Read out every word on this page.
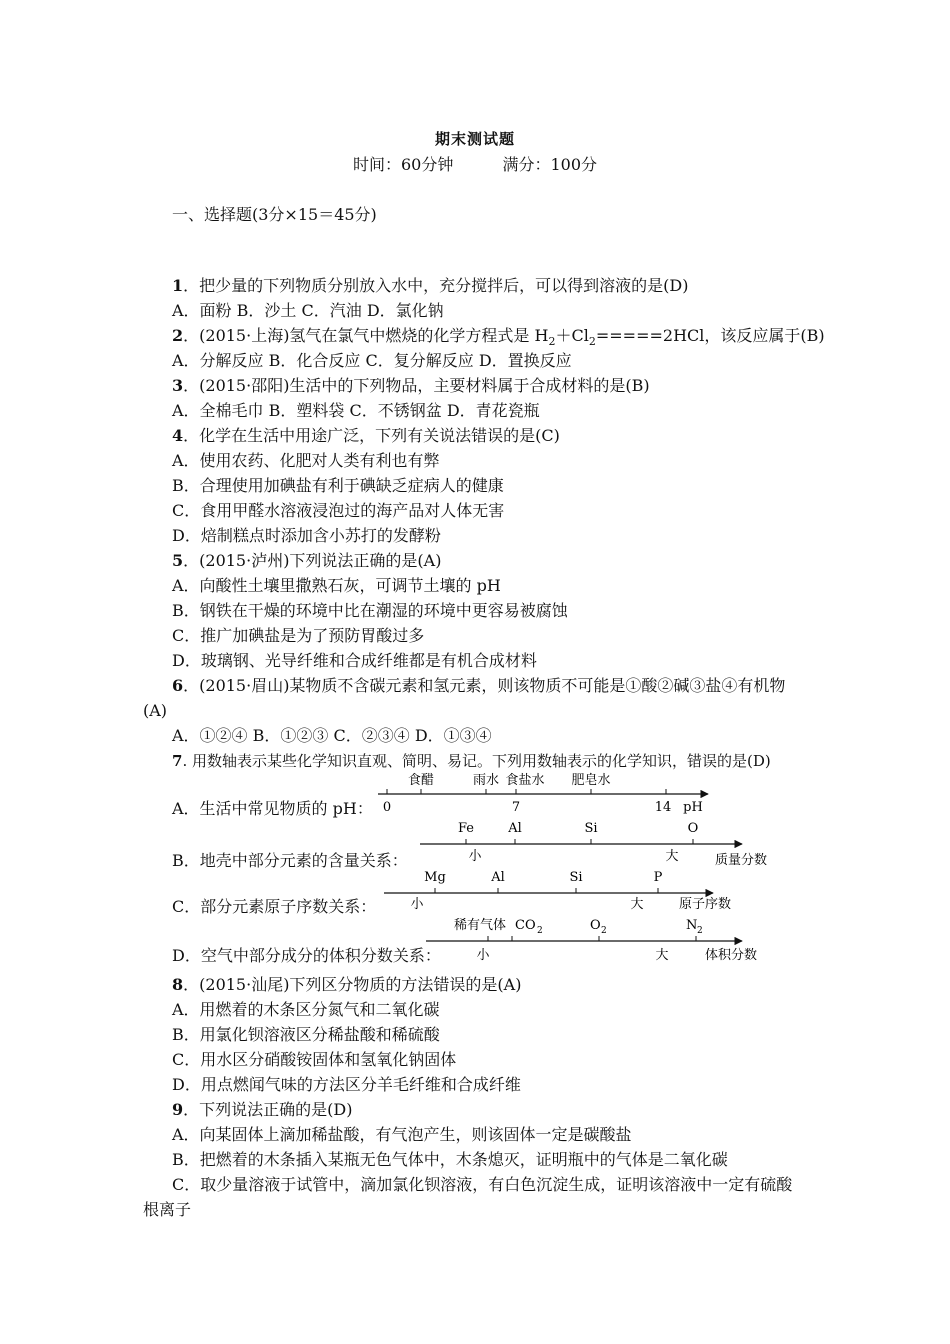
期末测试题
时间：60分钟	满分：100分
一、选择题(3分×15＝45分)
1．把少量的下列物质分别放入水中，充分搅拌后，可以得到溶液的是(D)
A．面粉 B．沙土 C．汽油 D．氯化钠
2．(2015·上海)氢气在氯气中燃烧的化学方程式是 $H_2+Cl_2=====2HCl$，该反应属于(B)
A．分解反应 B．化合反应 C．复分解反应 D．置换反应
3．(2015·邵阳)生活中的下列物品，主要材料属于合成材料的是(B)
A．全棉毛巾 B．塑料袋 C．不锈钢盆 D．青花瓷瓶
4．化学在生活中用途广泛，下列有关说法错误的是(C)
A．使用农药、化肥对人类有利也有弊
B．合理使用加碘盐有利于碘缺乏症病人的健康
C．食用甲醛水溶液浸泡过的海产品对人体无害
D．焙制糕点时添加含小苏打的发酵粉
5．(2015·泸州)下列说法正确的是(A)
A．向酸性土壤里撒熟石灰，可调节土壤的 pH
B．钢铁在干燥的环境中比在潮湿的环境中更容易被腐蚀
C．推广加碘盐是为了预防胃酸过多
D．玻璃钢、光导纤维和合成纤维都是有机合成材料
6．(2015·眉山)某物质不含碳元素和氢元素，则该物质不可能是①酸②碱③盐④有机物
(A)
A．①②④ B．①②③ C．②③④ D．①③④
7. 用数轴表示某些化学知识直观、简明、易记。下列用数轴表示的化学知识，错误的是(D)
A．生活中常见物质的 pH：
B．地壳中部分元素的含量关系：
C．部分元素原子序数关系：
D．空气中部分成分的体积分数关系：
食醋	雨水 食盐水 肥皂水
0	7	14 pH
Fe	Al	Si	O
小	大	质量分数
Mg	Al	Si	P
小	大	原子序数
稀有气体 CO 2	O 2	N 2
小	大	体积分数
8．(2015·汕尾)下列区分物质的方法错误的是(A)
A．用燃着的木条区分氮气和二氧化碳
B．用氯化钡溶液区分稀盐酸和稀硫酸
C．用水区分硝酸铵固体和氢氧化钠固体
D．用点燃闻气味的方法区分羊毛纤维和合成纤维
9．下列说法正确的是(D)
A．向某固体上滴加稀盐酸，有气泡产生，则该固体一定是碳酸盐
B．把燃着的木条插入某瓶无色气体中，木条熄灭，证明瓶中的气体是二氧化碳
C．取少量溶液于试管中，滴加氯化钡溶液，有白色沉淀生成，证明该溶液中一定有硫酸
根离子
